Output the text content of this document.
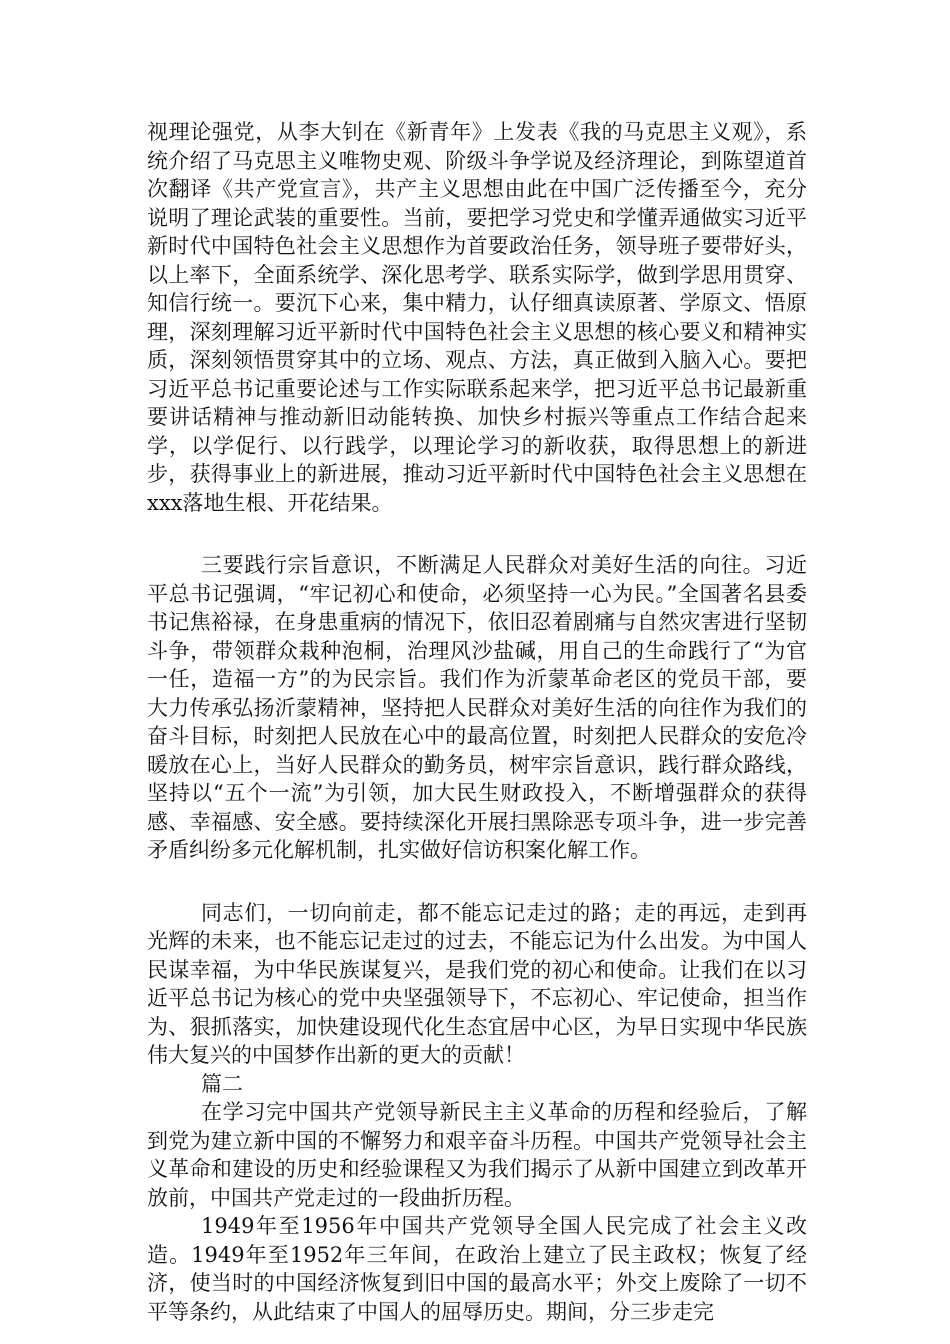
视理论强党，从李大钊在《新青年》上发表《我的马克思主义观》，系统介绍了马克思主义唯物史观、阶级斗争学说及经济理论，到陈望道首次翻译《共产党宣言》，共产主义思想由此在中国广泛传播至今，充分说明了理论武装的重要性。当前，要把学习党史和学懂弄通做实习近平新时代中国特色社会主义思想作为首要政治任务，领导班子要带好头，以上率下，全面系统学、深化思考学、联系实际学，做到学思用贯穿、知信行统一。要沉下心来，集中精力，认仔细真读原著、学原文、悟原理，深刻理解习近平新时代中国特色社会主义思想的核心要义和精神实质，深刻领悟贯穿其中的立场、观点、方法，真正做到入脑入心。要把习近平总书记重要论述与工作实际联系起来学，把习近平总书记最新重要讲话精神与推动新旧动能转换、加快乡村振兴等重点工作结合起来学，以学促行、以行践学，以理论学习的新收获，取得思想上的新进步，获得事业上的新进展，推动习近平新时代中国特色社会主义思想在xxx落地生根、开花结果。

三要践行宗旨意识，不断满足人民群众对美好生活的向往。习近平总书记强调，“牢记初心和使命，必须坚持一心为民。”全国著名县委书记焦裕禄，在身患重病的情况下，依旧忍着剧痛与自然灾害进行坚韧斗争，带领群众栽种泡桐，治理风沙盐碱，用自己的生命践行了“为官一任，造福一方”的为民宗旨。我们作为沂蒙革命老区的党员干部，要大力传承弘扬沂蒙精神，坚持把人民群众对美好生活的向往作为我们的奋斗目标，时刻把人民放在心中的最高位置，时刻把人民群众的安危冷暖放在心上，当好人民群众的勤务员，树牢宗旨意识，践行群众路线，坚持以“五个一流”为引领，加大民生财政投入，不断增强群众的获得感、幸福感、安全感。要持续深化开展扫黑除恶专项斗争，进一步完善矛盾纠纷多元化解机制，扎实做好信访积案化解工作。

同志们，一切向前走，都不能忘记走过的路；走的再远，走到再光辉的未来，也不能忘记走过的过去，不能忘记为什么出发。为中国人民谋幸福，为中华民族谋复兴，是我们党的初心和使命。让我们在以习近平总书记为核心的党中央坚强领导下，不忘初心、牢记使命，担当作为、狠抓落实，加快建设现代化生态宜居中心区，为早日实现中华民族伟大复兴的中国梦作出新的更大的贡献！

篇二

在学习完中国共产党领导新民主主义革命的历程和经验后，了解到党为建立新中国的不懈努力和艰辛奋斗历程。中国共产党领导社会主义革命和建设的历史和经验课程又为我们揭示了从新中国建立到改革开放前，中国共产党走过的一段曲折历程。

1949年至1956年中国共产党领导全国人民完成了社会主义改造。1949年至1952年三年间，在政治上建立了民主政权；恢复了经济，使当时的中国经济恢复到旧中国的最高水平；外交上废除了一切不平等条约，从此结束了中国人的屈辱历史。期间，分三步走完
